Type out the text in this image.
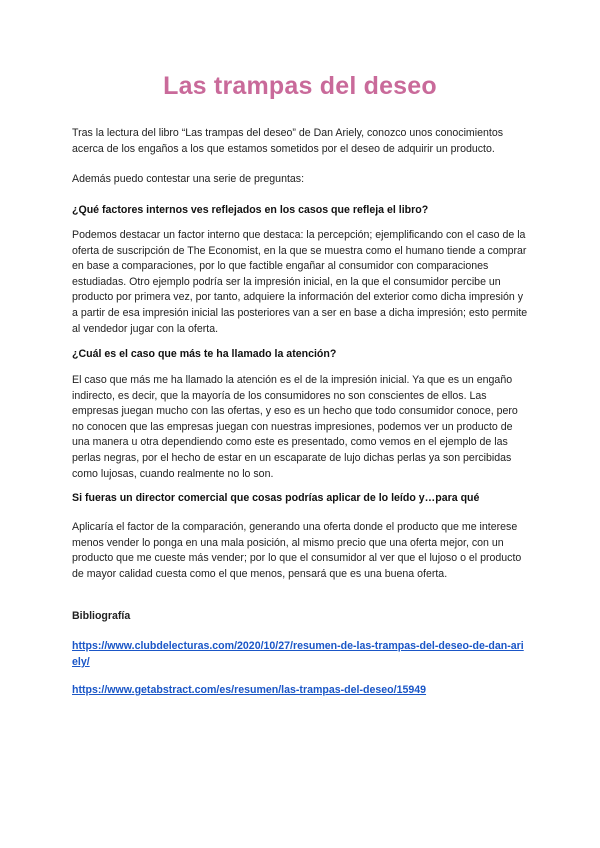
Las trampas del deseo

Tras la lectura del libro “Las trampas del deseo” de Dan Ariely, conozco unos conocimientos acerca de los engaños a los que estamos sometidos por el deseo de adquirir un producto.

Además puedo contestar una serie de preguntas:

¿Qué factores internos ves reflejados en los casos que refleja el libro?

Podemos destacar un factor interno que destaca: la percepción; ejemplificando con el caso de la oferta de suscripción de The Economist, en la que se muestra como el humano tiende a comprar en base a comparaciones, por lo que factible engañar al consumidor con comparaciones estudiadas. Otro ejemplo podría ser la impresión inicial, en la que el consumidor percibe un producto por primera vez, por tanto, adquiere la información del exterior como dicha impresión y a partir de esa impresión inicial las posteriores van a ser en base a dicha impresión; esto permite al vendedor jugar con la oferta.

¿Cuál es el caso que más te ha llamado la atención?

El caso que más me ha llamado la atención es el de la impresión inicial. Ya que es un engaño indirecto, es decir, que la mayoría de los consumidores no son conscientes de ellos. Las empresas juegan mucho con las ofertas, y eso es un hecho que todo consumidor conoce, pero no conocen que las empresas juegan con nuestras impresiones, podemos ver un producto de una manera u otra dependiendo como este es presentado, como vemos en el ejemplo de las perlas negras, por el hecho de estar en un escaparate de lujo dichas perlas ya son percibidas como lujosas, cuando realmente no lo son.

Si fueras un director comercial que cosas podrías aplicar de lo leído y…para qué

Aplicaría el factor de la comparación, generando una oferta donde el producto que me interese menos vender lo ponga en una mala posición, al mismo precio que una oferta mejor, con un producto que me cueste más vender; por lo que el consumidor al ver que el lujoso o el producto de mayor calidad cuesta como el que menos, pensará que es una buena oferta.

Bibliografía

https://www.clubdelecturas.com/2020/10/27/resumen-de-las-trampas-del-deseo-de-dan-ariely/
https://www.getabstract.com/es/resumen/las-trampas-del-deseo/15949
